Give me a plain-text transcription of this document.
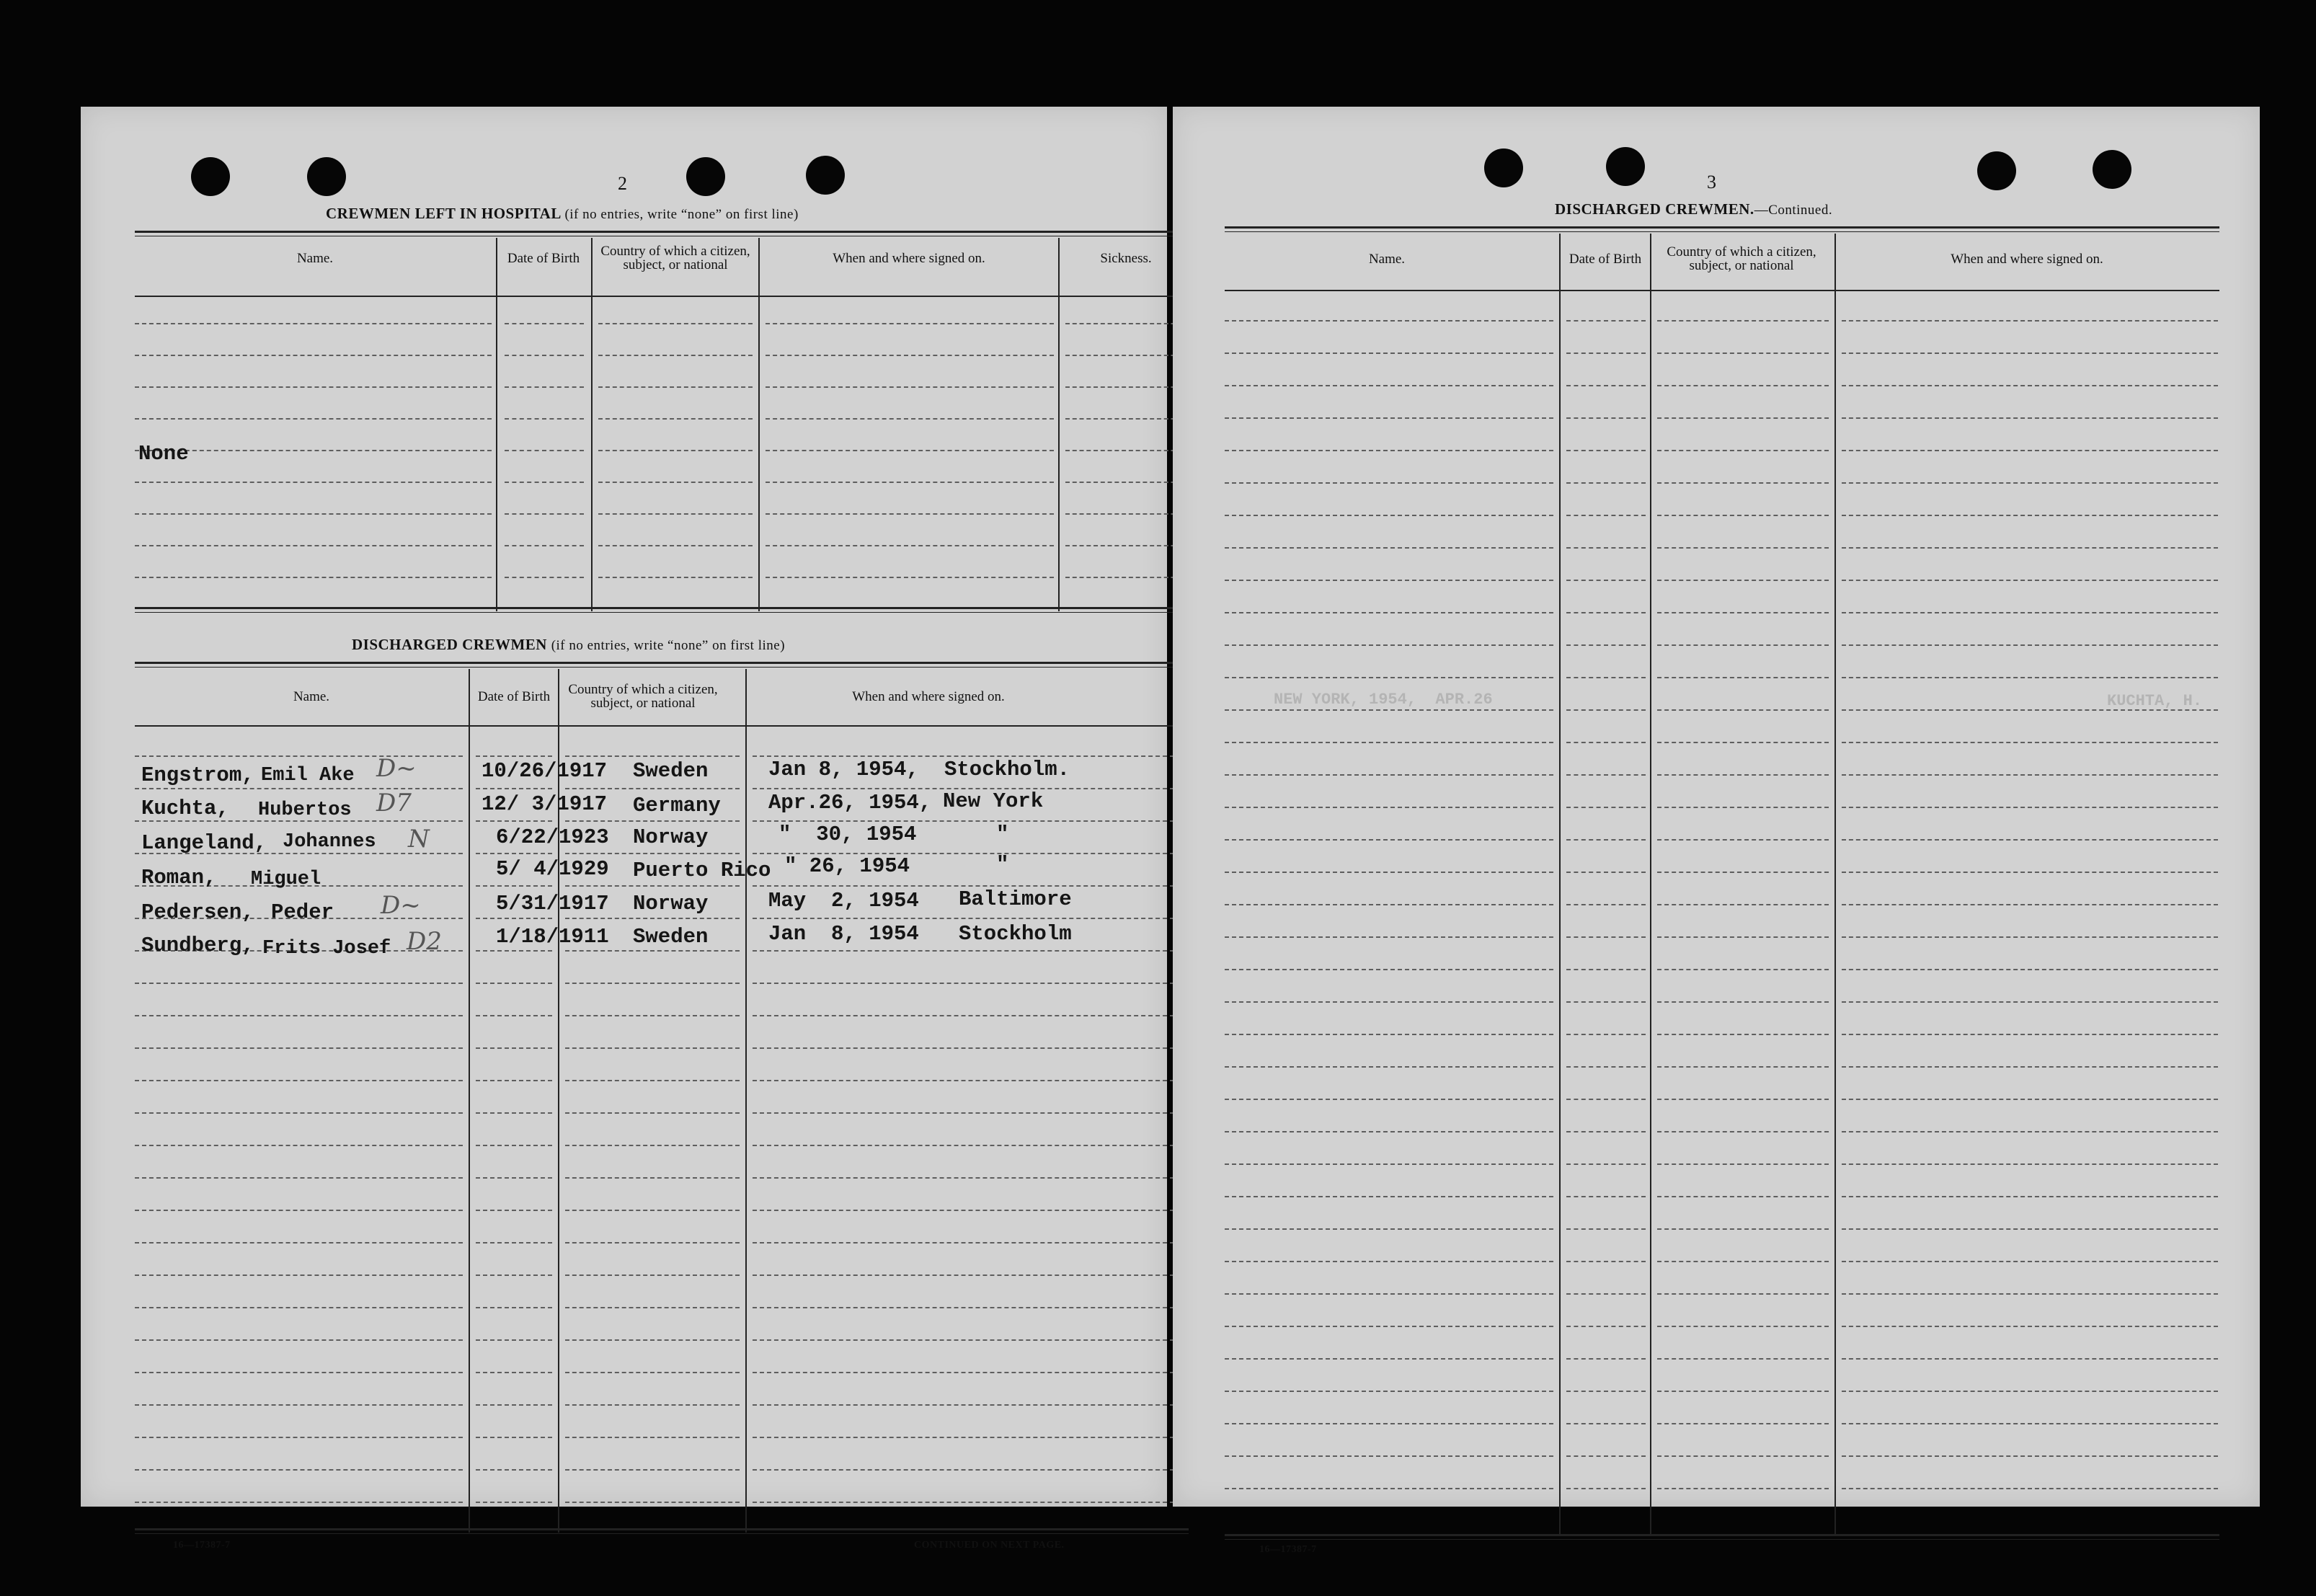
2
CREWMEN LEFT IN HOSPITAL (if no entries, write “none” on first line)
Name.	Date of Birth	Country of which a citizen, subject, or national	When and where signed on.	Sickness.
None
DISCHARGED CREWMEN (if no entries, write “none” on first line)
Name.	Date of Birth	Country of which a citizen, subject, or national	When and where signed on.
Engstrom, Emil Ake D~	10/26/1917 Sweden	Jan 8, 1954, Stockholm.
Kuchta, Hubertos D7	12/ 3/1917 Germany Apr.26, 1954, New York
Langeland, Johannes N	6/22/1923 Norway	"  30, 1954	"
Roman, Miguel	5/ 4/1929 Puerto Rico " 26, 1954	"
Pedersen, Peder D~	5/31/1917 Norway	May  2, 1954 Baltimore
Sundberg, Frits Josef D2	1/18/1911 Sweden	Jan  8, 1954 Stockholm
16—17387-7	CONTINUED ON NEXT PAGE.
3
DISCHARGED CREWMEN.—Continued.
Name.	Date of Birth	Country of which a citizen, subject, or national	When and where signed on.
NEW YORK, 1954,  APR.26	KUCHTA, H.
16—17387-7
